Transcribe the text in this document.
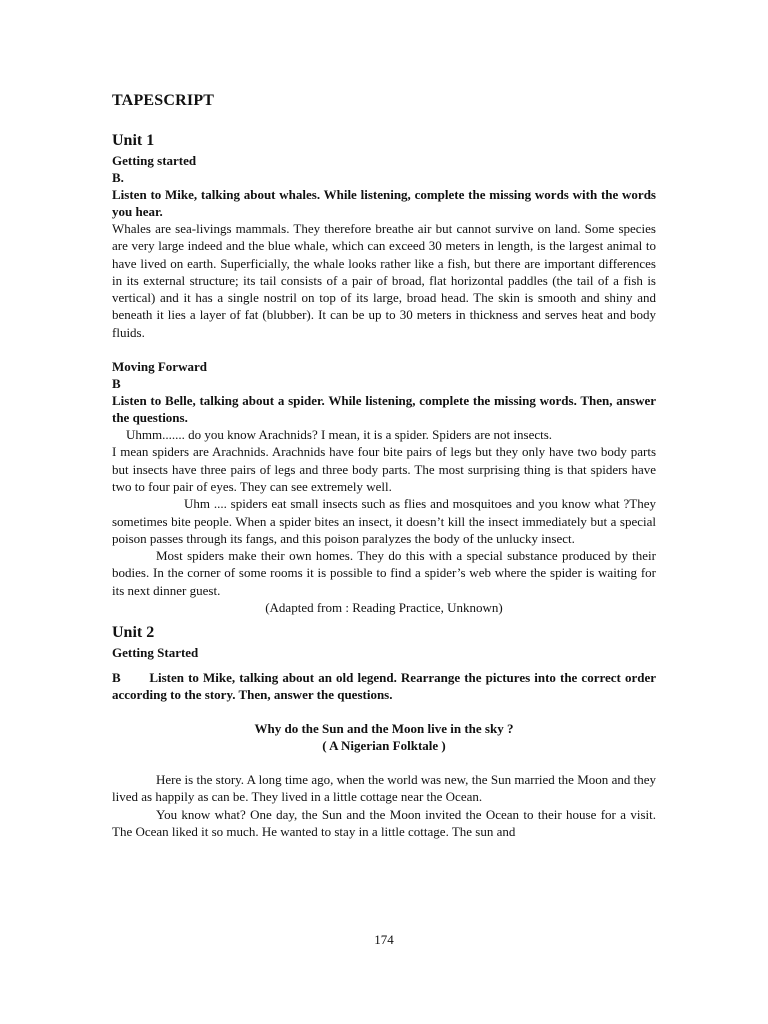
TAPESCRIPT
Unit 1
Getting started
B.
Listen to Mike, talking about whales. While listening, complete the missing words with the words you hear.

Whales are sea-livings mammals. They therefore breathe air but cannot survive on land. Some species are very large indeed and the blue whale, which can exceed 30 meters in length, is the largest animal to have lived on earth. Superficially, the whale looks rather like a fish, but there are important differences in its external structure; its tail consists of a pair of broad, flat horizontal paddles (the tail of a fish is vertical) and it has a single nostril on top of its large, broad head. The skin is smooth and shiny and beneath it lies a layer of fat (blubber). It can be up to 30 meters in thickness and serves heat and body fluids.

Moving Forward
B
Listen to Belle, talking about a spider. While listening, complete the missing words. Then, answer the questions.

Uhmm....... do you know Arachnids? I mean, it is a spider. Spiders are not insects.

I mean spiders are Arachnids. Arachnids have four bite pairs of legs but they only have two body parts but insects have three pairs of legs and three body parts. The most surprising thing is that spiders have two to four pair of eyes. They can see extremely well.

Uhm .... spiders eat small insects such as flies and mosquitoes and you know what ?They sometimes bite people. When a spider bites an insect, it doesn’t kill the insect immediately but a special poison passes through its fangs, and this poison paralyzes the body of the unlucky insect.

Most spiders make their own homes. They do this with a special substance produced by their bodies. In the corner of some rooms it is possible to find a spider’s web where the spider is waiting for its next dinner guest.

(Adapted from : Reading Practice, Unknown)
Unit 2
Getting Started
B Listen to Mike, talking about an old legend. Rearrange the pictures into the correct order according to the story. Then, answer the questions.
Why do the Sun and the Moon live in the sky ?
( A Nigerian Folktale )

Here is the story. A long time ago, when the world was new, the Sun married the Moon and they lived as happily as can be. They lived in a little cottage near the Ocean.

You know what? One day, the Sun and the Moon invited the Ocean to their house for a visit. The Ocean liked it so much. He wanted to stay in a little cottage. The sun and

174
